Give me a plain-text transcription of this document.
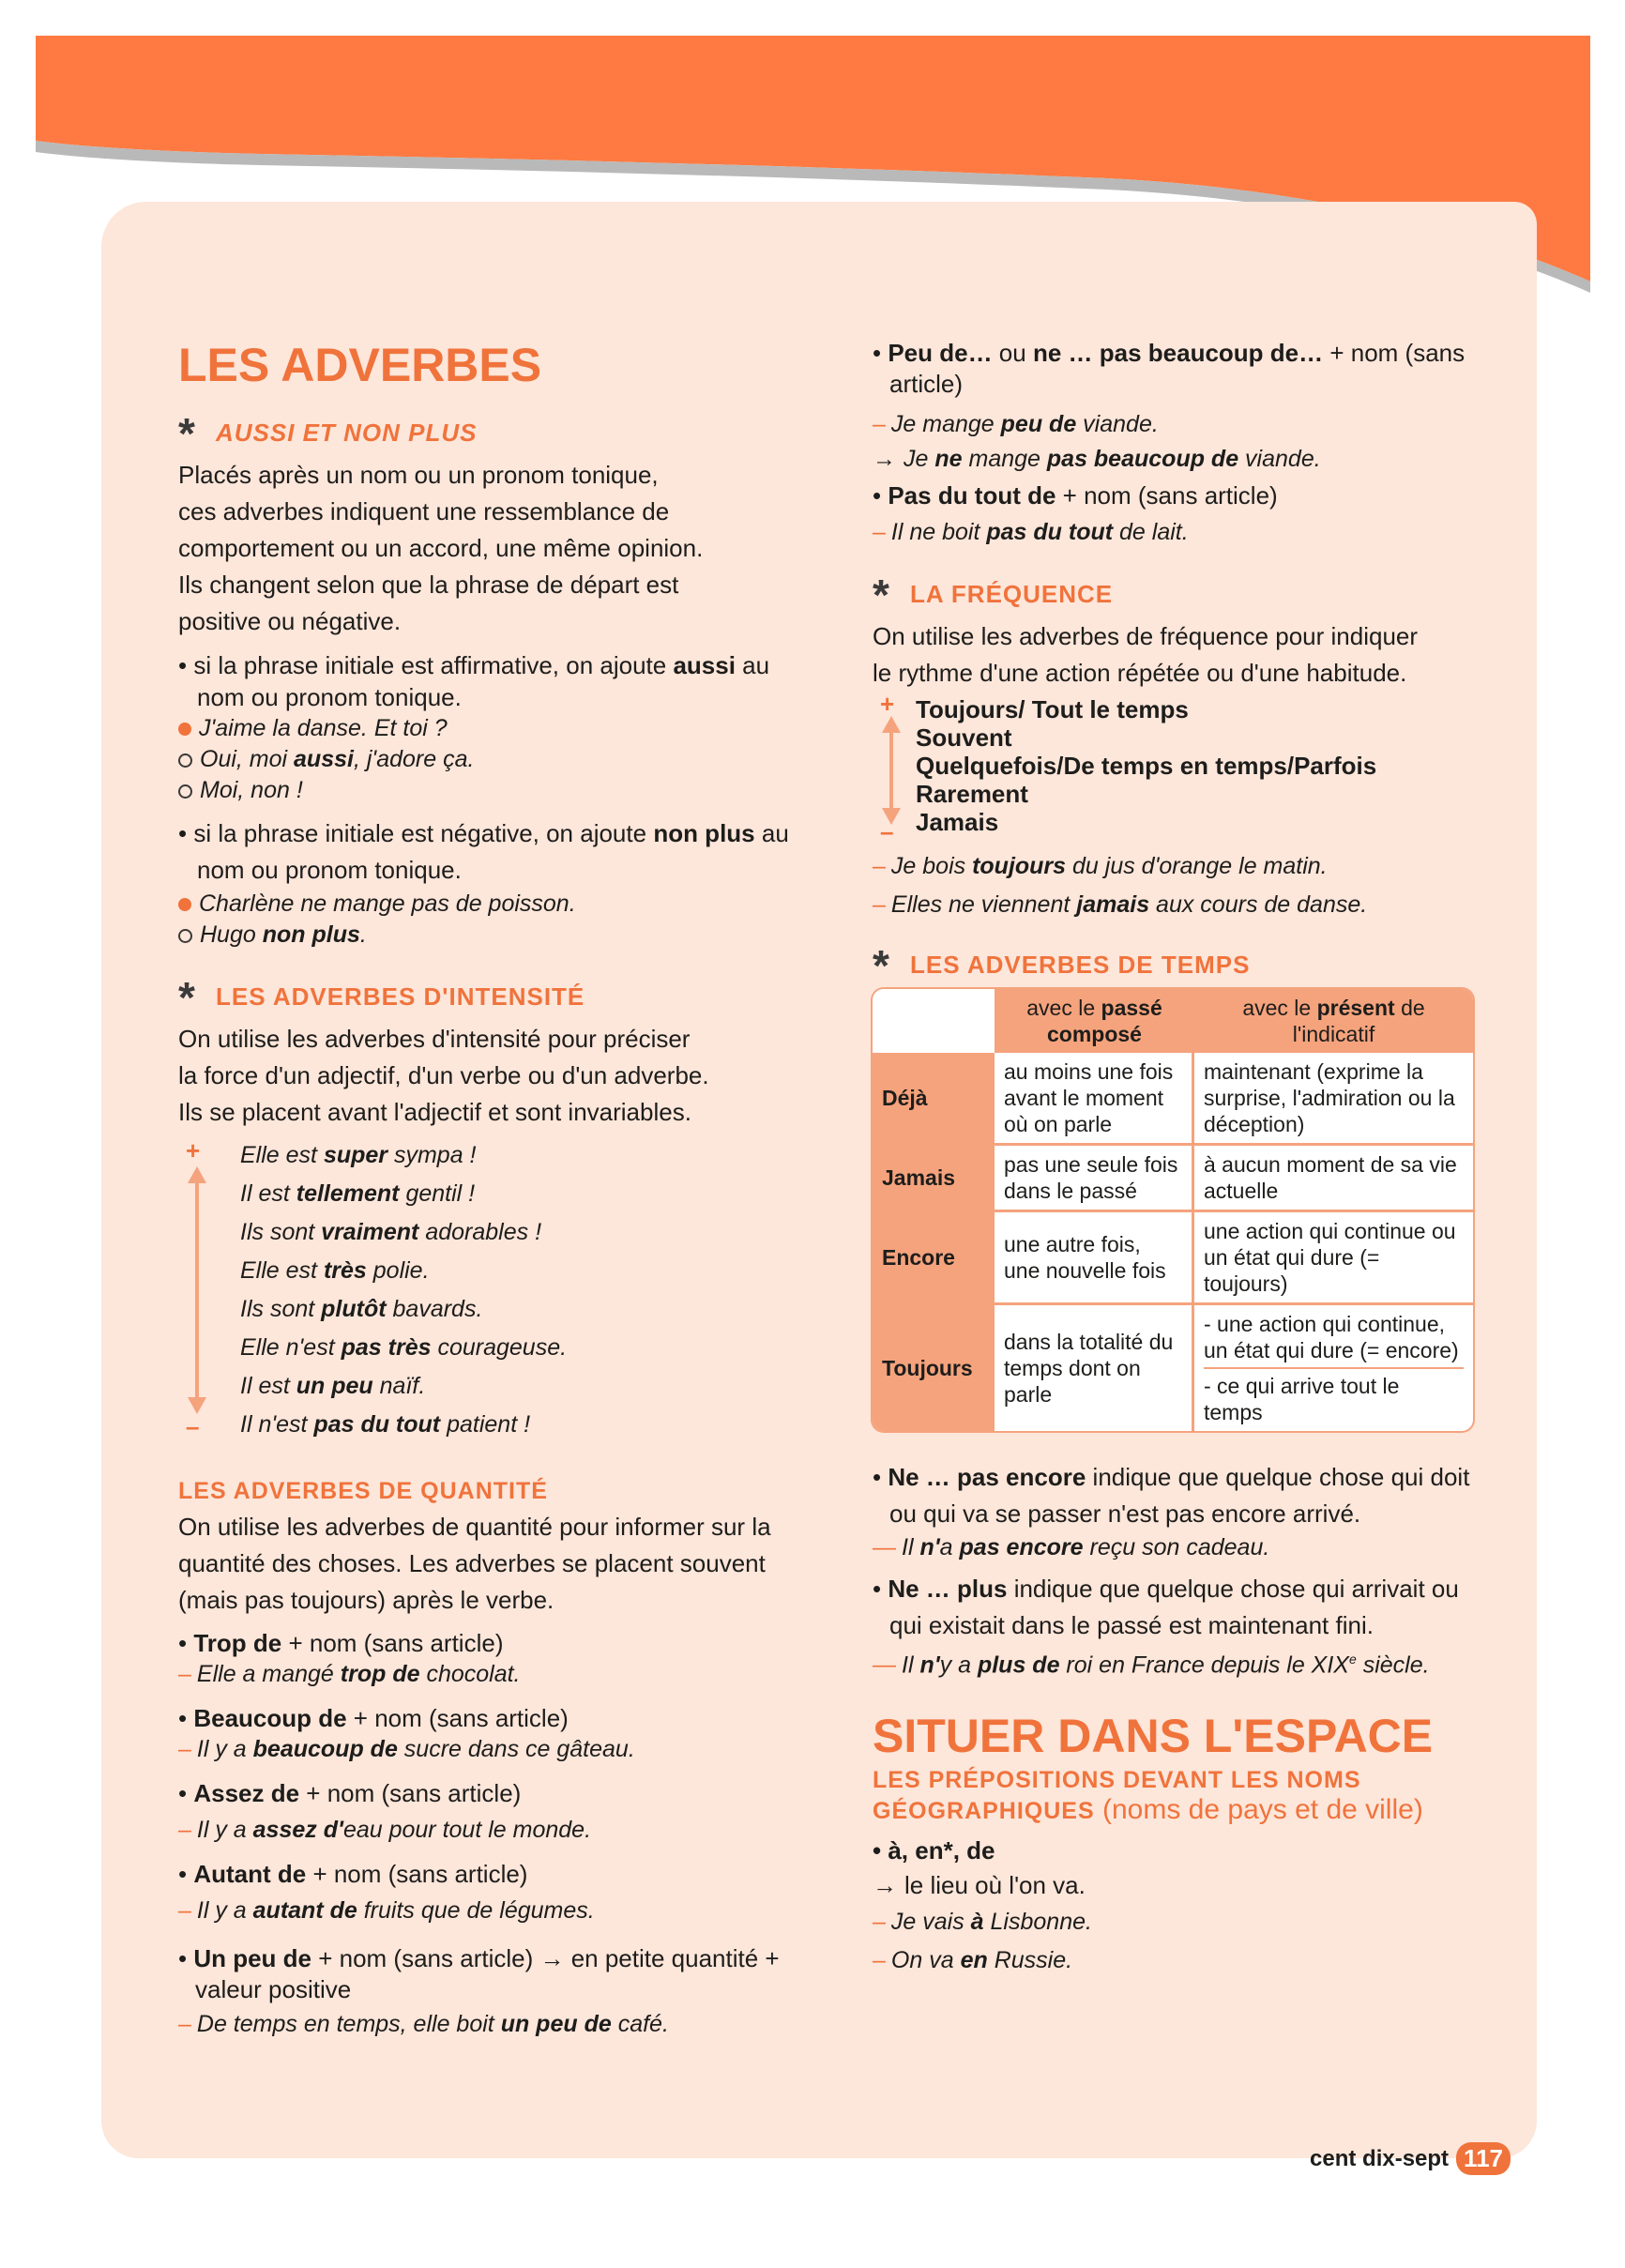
LES ADVERBES
* AUSSI ET NON PLUS

Placés après un nom ou un pronom tonique,

ces adverbes indiquent une ressemblance de

comportement ou un accord, une même opinion.

Ils changent selon que la phrase de départ est

positive ou négative.

• si la phrase initiale est affirmative, on ajoute aussi au nom ou pronom tonique.
J'aime la danse. Et toi ?
Oui, moi aussi, j'adore ça.
Moi, non !
• si la phrase initiale est négative, on ajoute non plus au nom ou pronom tonique.
Charlène ne mange pas de poisson.
Hugo non plus.
* LES ADVERBES D'INTENSITÉ

On utilise les adverbes d'intensité pour préciser

la force d'un adjectif, d'un verbe ou d'un adverbe.

Ils se placent avant l'adjectif et sont invariables.

+
–
Elle est super sympa !
Il est tellement gentil !
Ils sont vraiment adorables !
Elle est très polie.
Ils sont plutôt bavards.
Elle n'est pas très courageuse.
Il est un peu naïf.
Il n'est pas du tout patient !
LES ADVERBES DE QUANTITÉ

On utilise les adverbes de quantité pour informer sur la

quantité des choses. Les adverbes se placent souvent

(mais pas toujours) après le verbe.

• Trop de + nom (sans article)
– Elle a mangé trop de chocolat.
• Beaucoup de + nom (sans article)
– Il y a beaucoup de sucre dans ce gâteau.
• Assez de + nom (sans article)
– Il y a assez d'eau pour tout le monde.
• Autant de + nom (sans article)
– Il y a autant de fruits que de légumes.
• Un peu de + nom (sans article) → en petite quantité + valeur positive
– De temps en temps, elle boit un peu de café.
• Peu de… ou ne … pas beaucoup de… + nom (sans article)
– Je mange peu de viande.
→ Je ne mange pas beaucoup de viande.
• Pas du tout de + nom (sans article)
– Il ne boit pas du tout de lait.
* LA FRÉQUENCE

On utilise les adverbes de fréquence pour indiquer

le rythme d'une action répétée ou d'une habitude.

+
–
Toujours/ Tout le temps
Souvent
Quelquefois/De temps en temps/Parfois
Rarement
Jamais
– Je bois toujours du jus d'orange le matin.
– Elles ne viennent jamais aux cours de danse.
* LES ADVERBES DE TEMPS
	avec le passé composé	avec le présent de l'indicatif
Déjà	au moins une fois avant le moment où on parle	maintenant (exprime la surprise, l'admiration ou la déception)
Jamais	pas une seule fois dans le passé	à aucun moment de sa vie actuelle
Encore	une autre fois, une nouvelle fois	une action qui continue ou un état qui dure (= toujours)
Toujours	dans la totalité du temps dont on parle	- une action qui continue, un état qui dure (= encore)
- ce qui arrive tout le temps
• Ne … pas encore indique que quelque chose qui doit ou qui va se passer n'est pas encore arrivé.
— Il n'a pas encore reçu son cadeau.
• Ne … plus indique que quelque chose qui arrivait ou qui existait dans le passé est maintenant fini.
— Il n'y a plus de roi en France depuis le XIXe siècle.
SITUER DANS L'ESPACE
LES PRÉPOSITIONS DEVANT LES NOMS
GÉOGRAPHIQUES (noms de pays et de ville)
• à, en*, de
→ le lieu où l'on va.
– Je vais à Lisbonne.
– On va en Russie.
cent dix-sept 117
